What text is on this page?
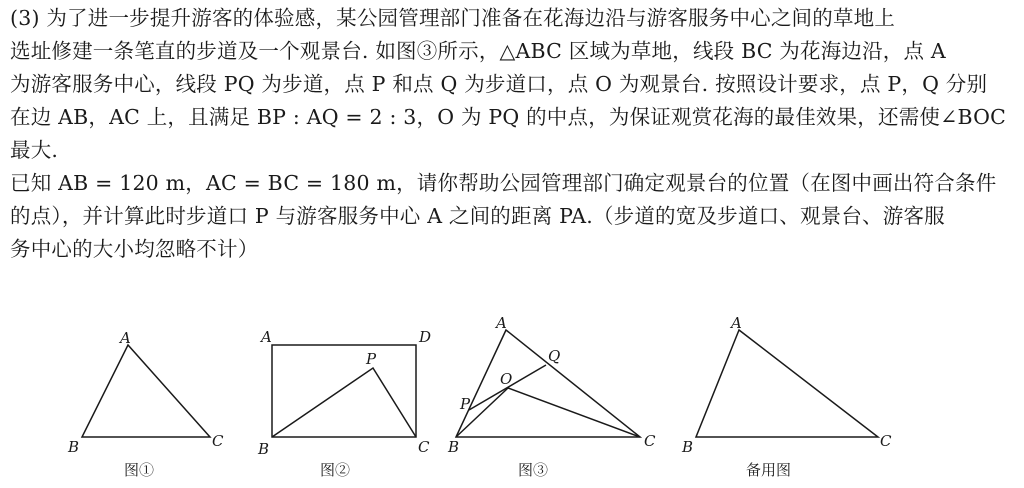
(3) 为了进一步提升游客的体验感，某公园管理部门准备在花海边沿与游客服务中心之间的草地上
选址修建一条笔直的步道及一个观景台. 如图③所示，△ABC 区域为草地，线段 BC 为花海边沿，点 A
为游客服务中心，线段 PQ 为步道，点 P 和点 Q 为步道口，点 O 为观景台. 按照设计要求，点 P，Q 分别
在边 AB，AC 上，且满足 BP : AQ = 2 : 3，O 为 PQ 的中点，为保证观赏花海的最佳效果，还需使∠BOC
最大.

已知 AB = 120 m，AC = BC = 180 m，请你帮助公园管理部门确定观景台的位置（在图中画出符合条件
的点），并计算此时步道口 P 与游客服务中心 A 之间的距离 PA.（步道的宽及步道口、观景台、游客服
务中心的大小均忽略不计）

A
B	C
图①
A	D
P
B	C
图②
A
Q
O
P
B	C
图③
A
B	C
备用图
